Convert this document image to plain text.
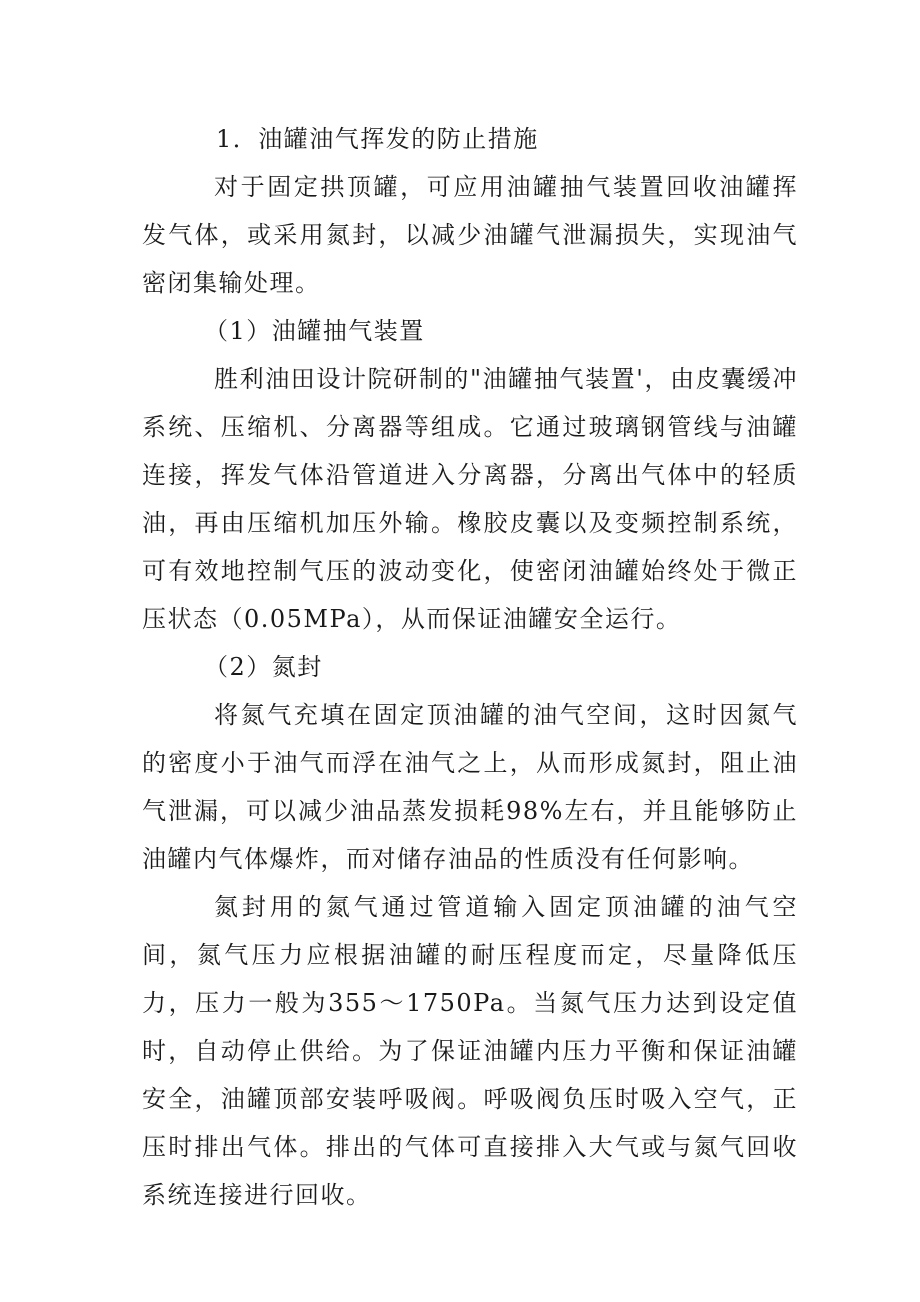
1．油罐油气挥发的防止措施

对于固定拱顶罐，可应用油罐抽气装置回收油罐挥发气体，或采用氮封，以减少油罐气泄漏损失，实现油气密闭集输处理。

（1）油罐抽气装置

胜利油田设计院研制的"油罐抽气装置'，由皮囊缓冲系统、压缩机、分离器等组成。它通过玻璃钢管线与油罐连接，挥发气体沿管道进入分离器，分离出气体中的轻质油，再由压缩机加压外输。橡胶皮囊以及变频控制系统，可有效地控制气压的波动变化，使密闭油罐始终处于微正压状态（0.05MPa），从而保证油罐安全运行。

（2）氮封

将氮气充填在固定顶油罐的油气空间，这时因氮气的密度小于油气而浮在油气之上，从而形成氮封，阻止油气泄漏，可以减少油品蒸发损耗98%左右，并且能够防止油罐内气体爆炸，而对储存油品的性质没有任何影响。

氮封用的氮气通过管道输入固定顶油罐的油气空间，氮气压力应根据油罐的耐压程度而定，尽量降低压力，压力一般为355～1750Pa。当氮气压力达到设定值时，自动停止供给。为了保证油罐内压力平衡和保证油罐安全，油罐顶部安装呼吸阀。呼吸阀负压时吸入空气，正压时排出气体。排出的气体可直接排入大气或与氮气回收系统连接进行回收。
